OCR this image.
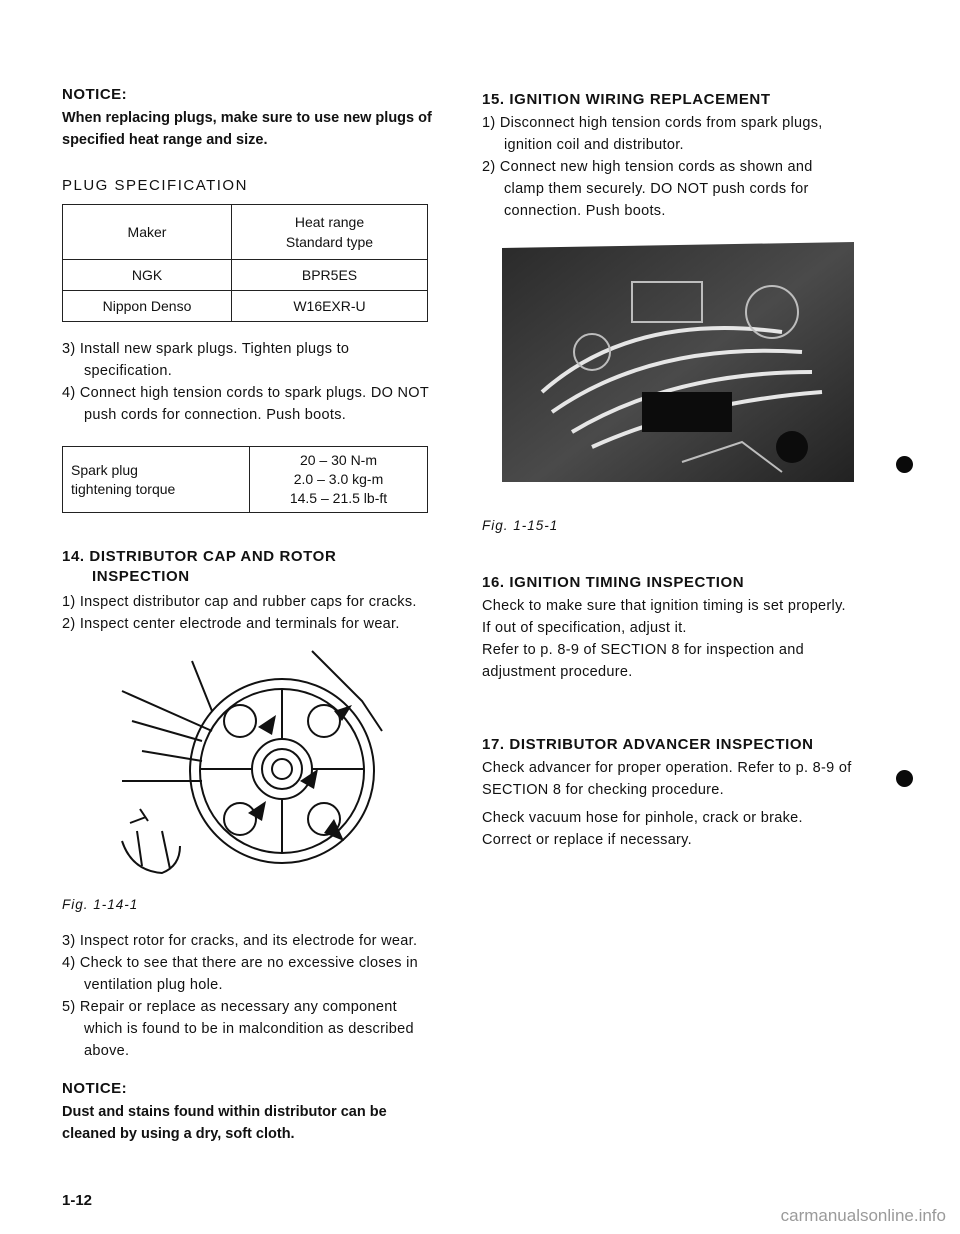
NOTICE:
When replacing plugs, make sure to use new plugs of specified heat range and size.
PLUG SPECIFICATION
Maker	Heat range
Standard type
NGK	BPR5ES
Nippon Denso	W16EXR-U
3) Install new spark plugs. Tighten plugs to specification.
4) Connect high tension cords to spark plugs. DO NOT push cords for connection. Push boots.
Spark plug
tightening torque	20 – 30 N-m
2.0 – 3.0 kg-m
14.5 – 21.5 lb-ft
14. DISTRIBUTOR CAP AND ROTOR
INSPECTION
1) Inspect distributor cap and rubber caps for cracks.
2) Inspect center electrode and terminals for wear.
Fig. 1-14-1
3) Inspect rotor for cracks, and its electrode for wear.
4) Check to see that there are no excessive closes in ventilation plug hole.
5) Repair or replace as necessary any component which is found to be in malcondition as described above.
NOTICE:
Dust and stains found within distributor can be cleaned by using a dry, soft cloth.
1-12
15. IGNITION WIRING REPLACEMENT
1) Disconnect high tension cords from spark plugs, ignition coil and distributor.
2) Connect new high tension cords as shown and clamp them securely. DO NOT push cords for connection. Push boots.
Fig. 1-15-1
16. IGNITION TIMING INSPECTION
Check to make sure that ignition timing is set properly. If out of specification, adjust it.
Refer to p. 8-9 of SECTION 8 for inspection and adjustment procedure.
17. DISTRIBUTOR ADVANCER INSPECTION
Check advancer for proper operation. Refer to p. 8-9 of SECTION 8 for checking procedure.
Check vacuum hose for pinhole, crack or brake. Correct or replace if necessary.
carmanualsonline.info
